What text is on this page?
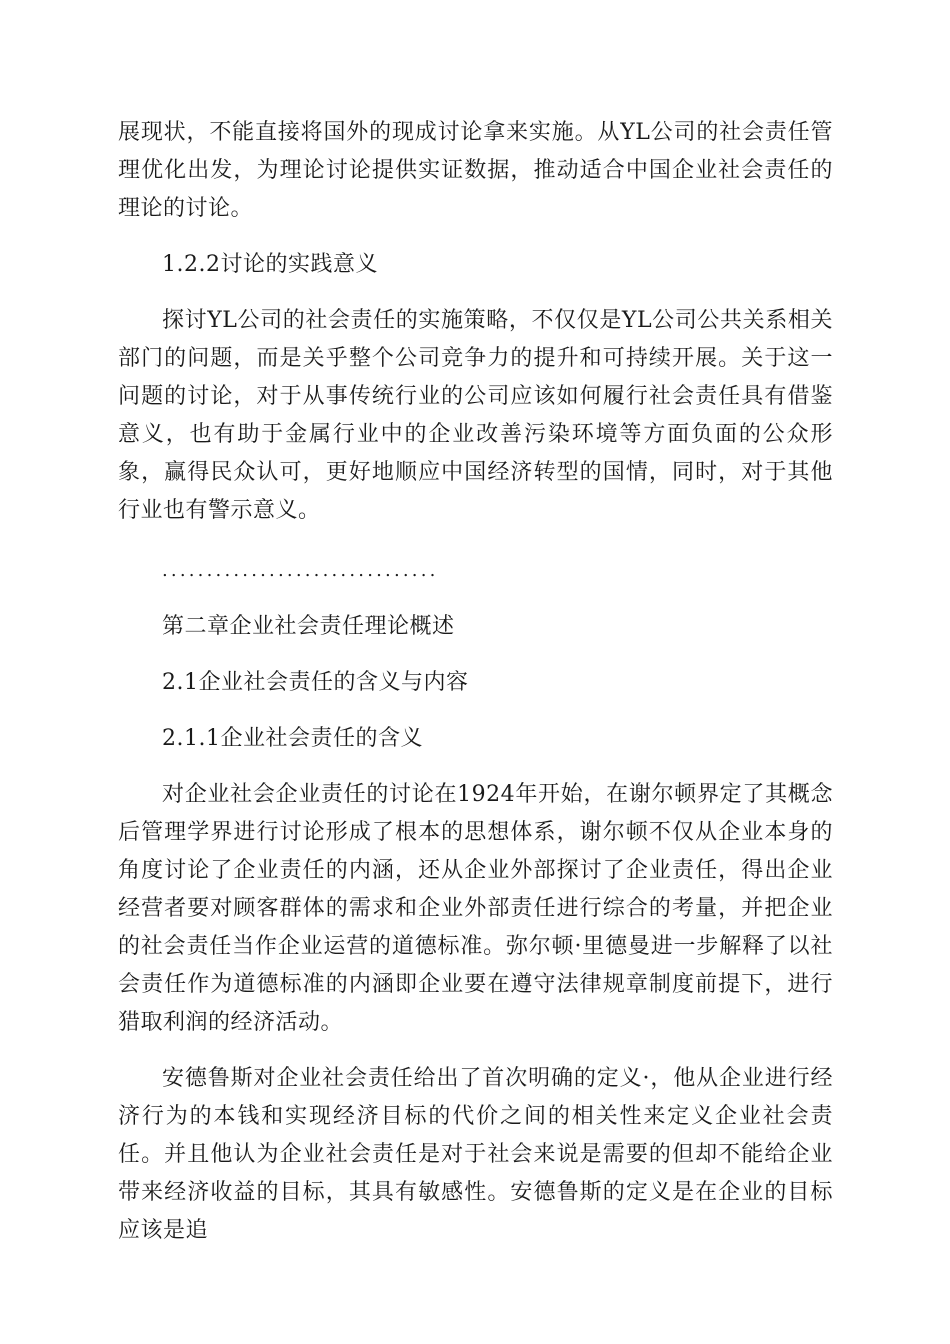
展现状，不能直接将国外的现成讨论拿来实施。从YL公司的社会责任管理优化出发，为理论讨论提供实证数据，推动适合中国企业社会责任的理论的讨论。

1.2.2讨论的实践意义

探讨YL公司的社会责任的实施策略，不仅仅是YL公司公共关系相关部门的问题，而是关乎整个公司竞争力的提升和可持续开展。关于这一问题的讨论，对于从事传统行业的公司应该如何履行社会责任具有借鉴意义，也有助于金属行业中的企业改善污染环境等方面负面的公众形象，赢得民众认可，更好地顺应中国经济转型的国情，同时，对于其他行业也有警示意义。

...............................

第二章企业社会责任理论概述

2.1企业社会责任的含义与内容

2.1.1企业社会责任的含义

对企业社会企业责任的讨论在1924年开始，在谢尔顿界定了其概念后管理学界进行讨论形成了根本的思想体系，谢尔顿不仅从企业本身的角度讨论了企业责任的内涵，还从企业外部探讨了企业责任，得出企业经营者要对顾客群体的需求和企业外部责任进行综合的考量，并把企业的社会责任当作企业运营的道德标准。弥尔顿·里德曼进一步解释了以社会责任作为道德标准的内涵即企业要在遵守法律规章制度前提下，进行猎取利润的经济活动。

安德鲁斯对企业社会责任给出了首次明确的定义·，他从企业进行经济行为的本钱和实现经济目标的代价之间的相关性来定义企业社会责任。并且他认为企业社会责任是对于社会来说是需要的但却不能给企业带来经济收益的目标，其具有敏感性。安德鲁斯的定义是在企业的目标应该是追
